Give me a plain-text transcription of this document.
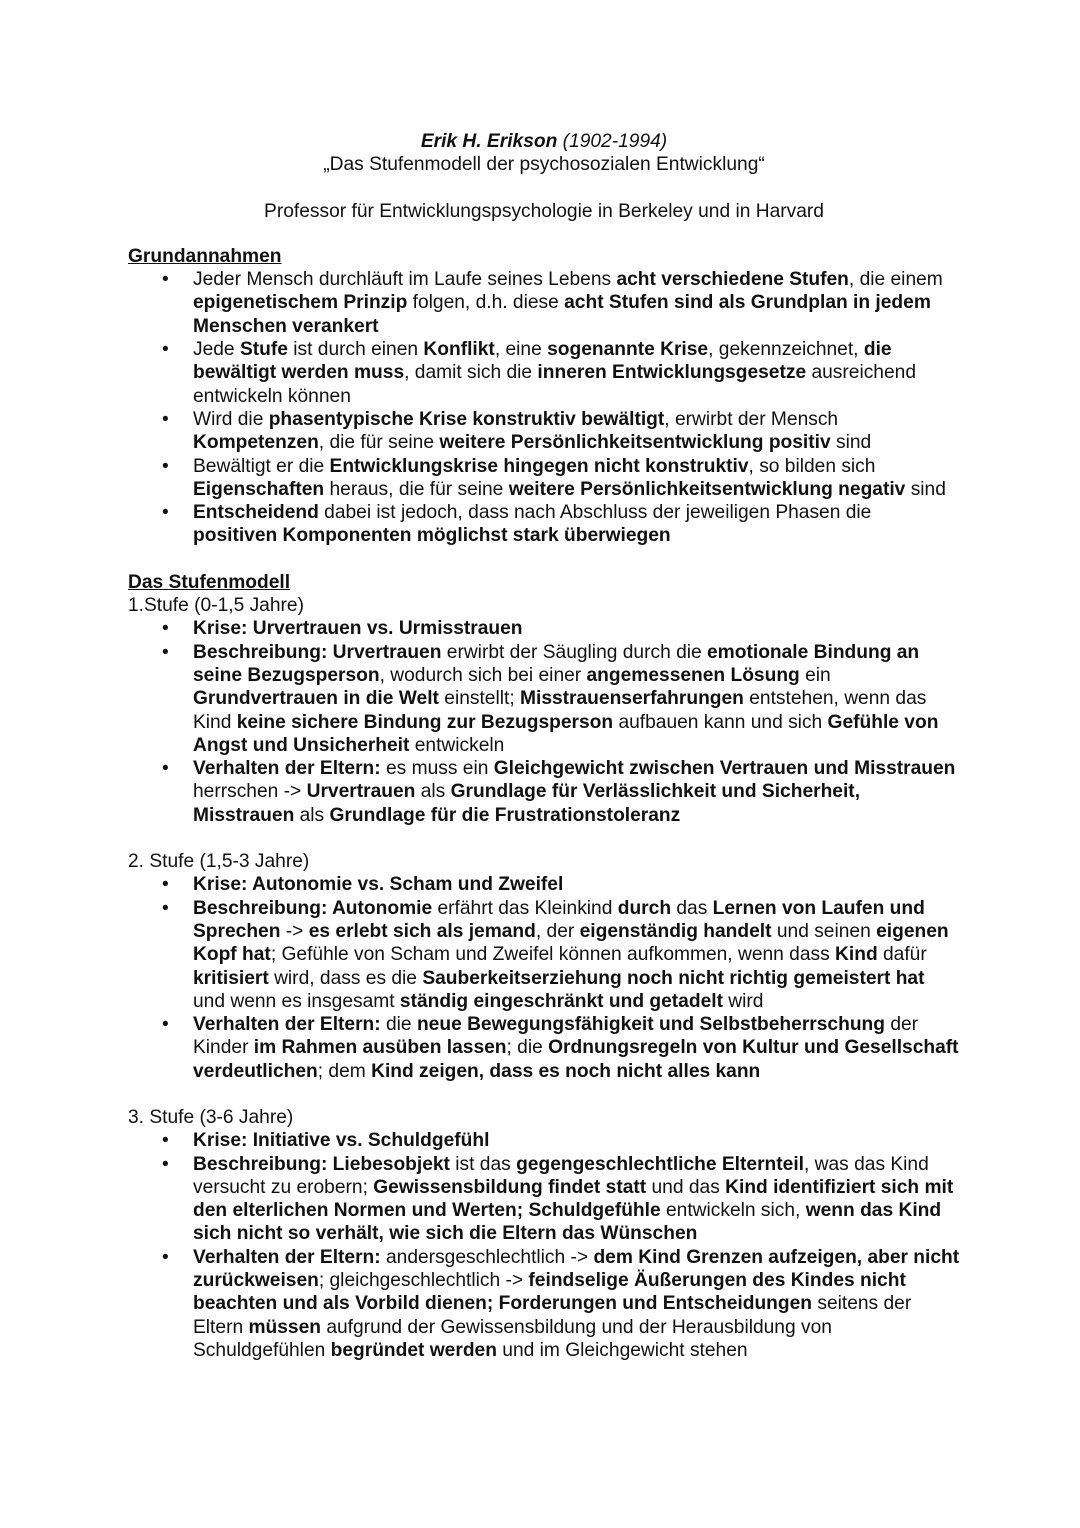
Erik H. Erikson (1902-1994)

„Das Stufenmodell der psychosozialen Entwicklung“

Professor für Entwicklungspsychologie in Berkeley und in Harvard

Grundannahmen
• Jeder Mensch durchläuft im Laufe seines Lebens acht verschiedene Stufen, die einem epigenetischem Prinzip folgen, d.h. diese acht Stufen sind als Grundplan in jedem Menschen verankert
• Jede Stufe ist durch einen Konflikt, eine sogenannte Krise, gekennzeichnet, die bewältigt werden muss, damit sich die inneren Entwicklungsgesetze ausreichend entwickeln können
• Wird die phasentypische Krise konstruktiv bewältigt, erwirbt der Mensch Kompetenzen, die für seine weitere Persönlichkeitsentwicklung positiv sind
• Bewältigt er die Entwicklungskrise hingegen nicht konstruktiv, so bilden sich Eigenschaften heraus, die für seine weitere Persönlichkeitsentwicklung negativ sind
• Entscheidend dabei ist jedoch, dass nach Abschluss der jeweiligen Phasen die positiven Komponenten möglichst stark überwiegen
Das Stufenmodell

1.Stufe (0-1,5 Jahre)

• Krise: Urvertrauen vs. Urmisstrauen
• Beschreibung: Urvertrauen erwirbt der Säugling durch die emotionale Bindung an seine Bezugsperson, wodurch sich bei einer angemessenen Lösung ein Grundvertrauen in die Welt einstellt; Misstrauenserfahrungen entstehen, wenn das Kind keine sichere Bindung zur Bezugsperson aufbauen kann und sich Gefühle von Angst und Unsicherheit entwickeln
• Verhalten der Eltern: es muss ein Gleichgewicht zwischen Vertrauen und Misstrauen herrschen -> Urvertrauen als Grundlage für Verlässlichkeit und Sicherheit, Misstrauen als Grundlage für die Frustrationstoleranz

2. Stufe (1,5-3 Jahre)

• Krise: Autonomie vs. Scham und Zweifel
• Beschreibung: Autonomie erfährt das Kleinkind durch das Lernen von Laufen und Sprechen -> es erlebt sich als jemand, der eigenständig handelt und seinen eigenen Kopf hat; Gefühle von Scham und Zweifel können aufkommen, wenn dass Kind dafür kritisiert wird, dass es die Sauberkeitserziehung noch nicht richtig gemeistert hat und wenn es insgesamt ständig eingeschränkt und getadelt wird
• Verhalten der Eltern: die neue Bewegungsfähigkeit und Selbstbeherrschung der Kinder im Rahmen ausüben lassen; die Ordnungsregeln von Kultur und Gesellschaft verdeutlichen; dem Kind zeigen, dass es noch nicht alles kann

3. Stufe (3-6 Jahre)

• Krise: Initiative vs. Schuldgefühl
• Beschreibung: Liebesobjekt ist das gegengeschlechtliche Elternteil, was das Kind versucht zu erobern; Gewissensbildung findet statt und das Kind identifiziert sich mit den elterlichen Normen und Werten; Schuldgefühle entwickeln sich, wenn das Kind sich nicht so verhält, wie sich die Eltern das Wünschen
• Verhalten der Eltern: andersgeschlechtlich -> dem Kind Grenzen aufzeigen, aber nicht zurückweisen; gleichgeschlechtlich -> feindselige Äußerungen des Kindes nicht beachten und als Vorbild dienen; Forderungen und Entscheidungen seitens der Eltern müssen aufgrund der Gewissensbildung und der Herausbildung von Schuldgefühlen begründet werden und im Gleichgewicht stehen
